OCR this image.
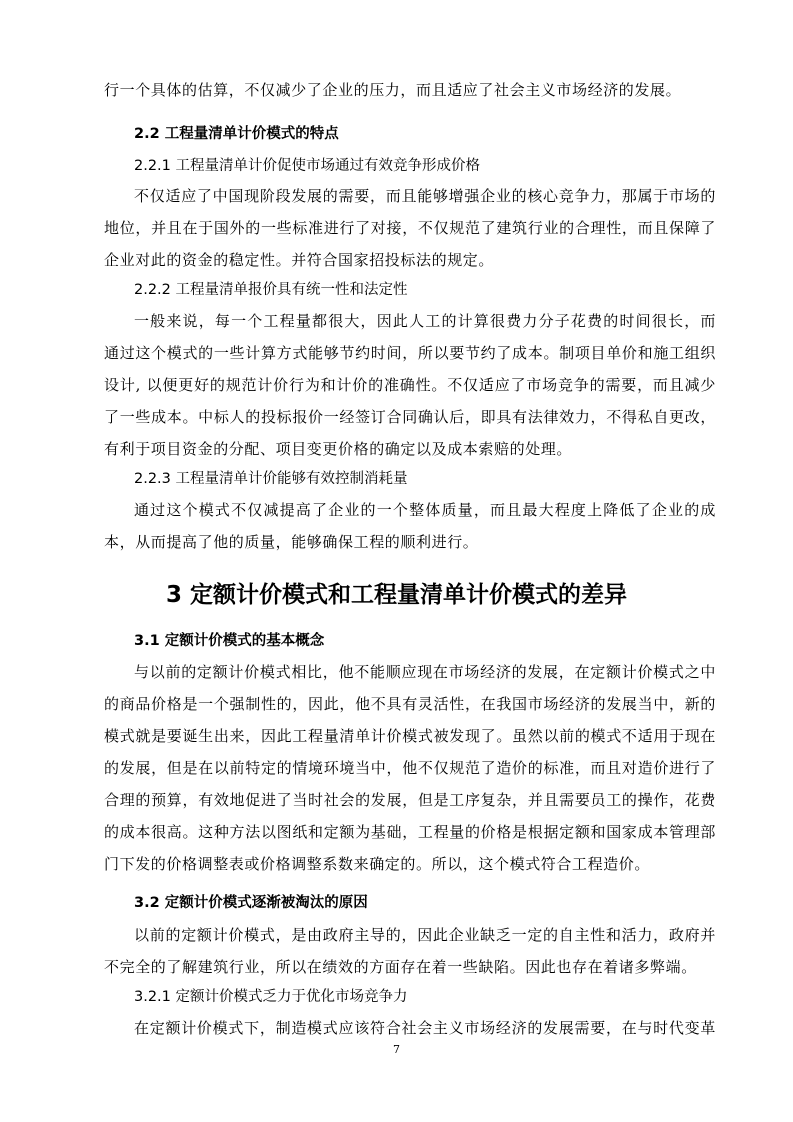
行一个具体的估算，不仅减少了企业的压力，而且适应了社会主义市场经济的发展。
2.2 工程量清单计价模式的特点
2.2.1 工程量清单计价促使市场通过有效竞争形成价格
不仅适应了中国现阶段发展的需要，而且能够增强企业的核心竞争力，那属于市场的
地位，并且在于国外的一些标准进行了对接，不仅规范了建筑行业的合理性，而且保障了
企业对此的资金的稳定性。并符合国家招投标法的规定。
2.2.2 工程量清单报价具有统一性和法定性
一般来说，每一个工程量都很大，因此人工的计算很费力分子花费的时间很长，而
通过这个模式的一些计算方式能够节约时间，所以要节约了成本。制项目单价和施工组织
设计, 以便更好的规范计价行为和计价的准确性。不仅适应了市场竞争的需要，而且减少
了一些成本。中标人的投标报价一经签订合同确认后，即具有法律效力，不得私自更改，
有利于项目资金的分配、项目变更价格的确定以及成本索赔的处理。
2.2.3 工程量清单计价能够有效控制消耗量
通过这个模式不仅减提高了企业的一个整体质量，而且最大程度上降低了企业的成
本，从而提高了他的质量，能够确保工程的顺利进行。
3 定额计价模式和工程量清单计价模式的差异
3.1 定额计价模式的基本概念
与以前的定额计价模式相比，他不能顺应现在市场经济的发展，在定额计价模式之中
的商品价格是一个强制性的，因此，他不具有灵活性，在我国市场经济的发展当中，新的
模式就是要诞生出来，因此工程量清单计价模式被发现了。虽然以前的模式不适用于现在
的发展，但是在以前特定的情境环境当中，他不仅规范了造价的标准，而且对造价进行了
合理的预算，有效地促进了当时社会的发展，但是工序复杂，并且需要员工的操作，花费
的成本很高。这种方法以图纸和定额为基础，工程量的价格是根据定额和国家成本管理部
门下发的价格调整表或价格调整系数来确定的。所以，这个模式符合工程造价。
3.2 定额计价模式逐渐被淘汰的原因
以前的定额计价模式，是由政府主导的，因此企业缺乏一定的自主性和活力，政府并
不完全的了解建筑行业，所以在绩效的方面存在着一些缺陷。因此也存在着诸多弊端。
3.2.1 定额计价模式乏力于优化市场竞争力
在定额计价模式下，制造模式应该符合社会主义市场经济的发展需要，在与时代变革
7
